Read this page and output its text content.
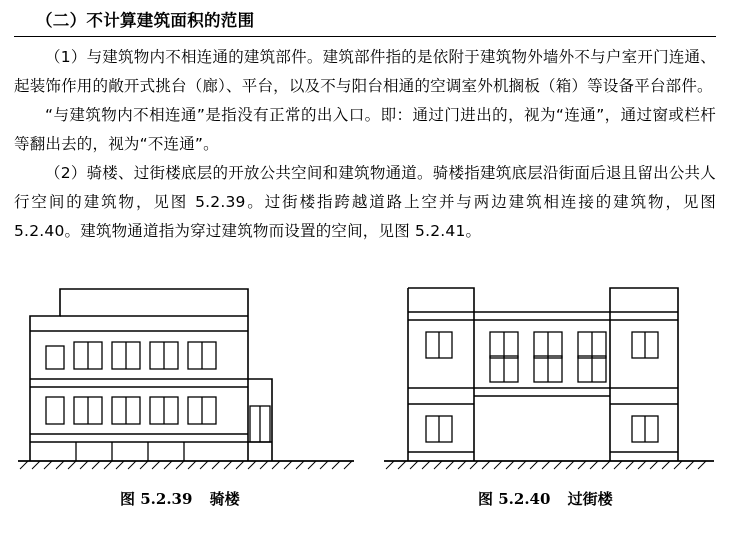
（二）不计算建筑面积的范围

（1）与建筑物内不相连通的建筑部件。建筑部件指的是依附于建筑物外墙外不与户室开门连通、起装饰作用的敞开式挑台（廊）、平台，以及不与阳台相通的空调室外机搁板（箱）等设备平台部件。

“与建筑物内不相连通”是指没有正常的出入口。即：通过门进出的，视为“连通”，通过窗或栏杆等翻出去的，视为“不连通”。

（2）骑楼、过街楼底层的开放公共空间和建筑物通道。骑楼指建筑底层沿街面后退且留出公共人行空间的建筑物，见图 5.2.39。过街楼指跨越道路上空并与两边建筑相连接的建筑物，见图 5.2.40。建筑物通道指为穿过建筑物而设置的空间，见图 5.2.41。

图 5.2.39 骑楼	图 5.2.40 过街楼
